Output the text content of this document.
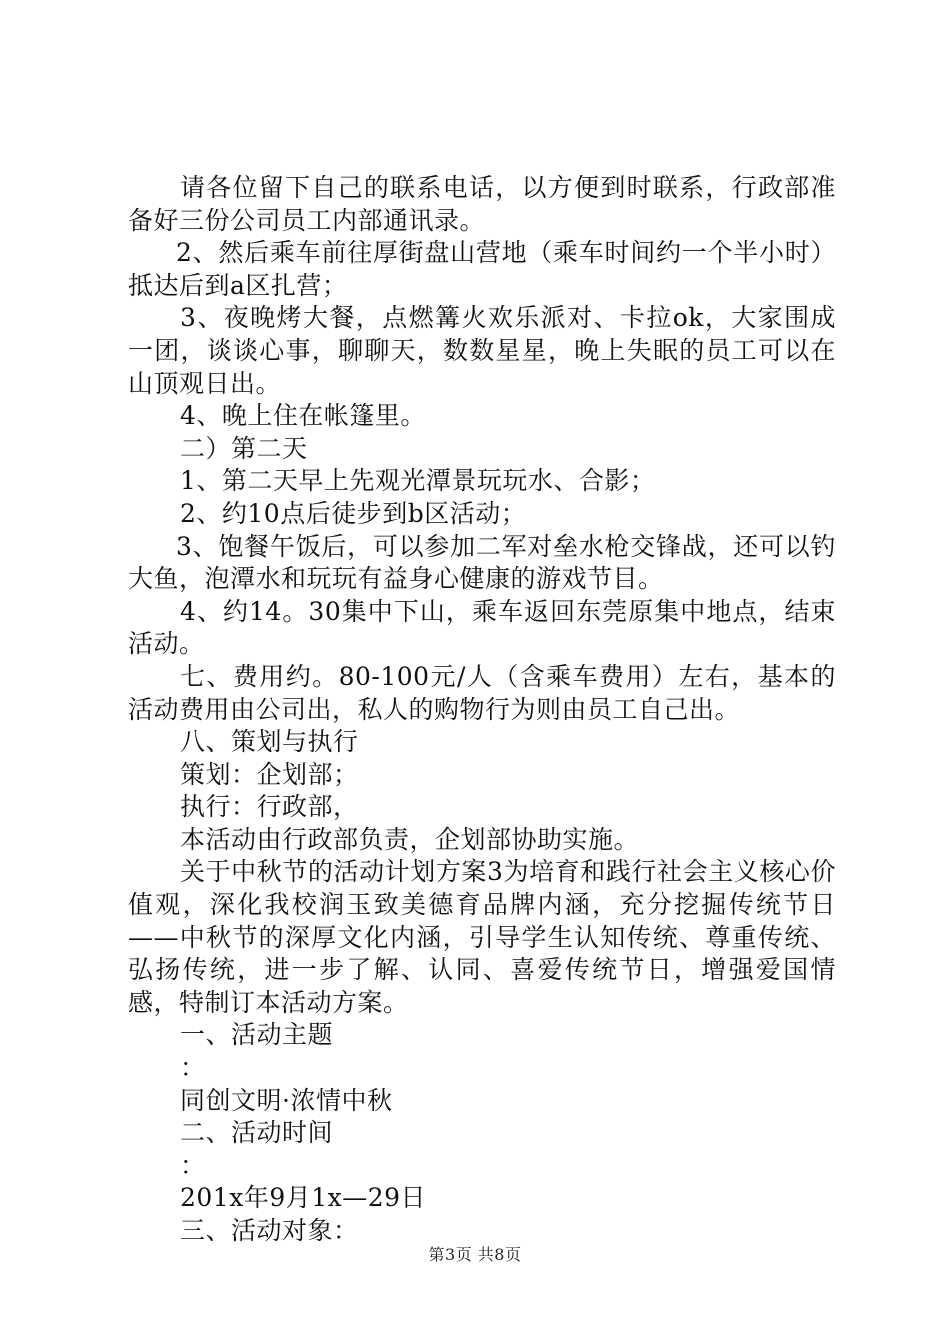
请各位留下自己的联系电话，以方便到时联系，行政部准备好三份公司员工内部通讯录。

2、然后乘车前往厚街盘山营地（乘车时间约一个半小时）抵达后到a区扎营；

3、夜晚烤大餐，点燃篝火欢乐派对、卡拉ok，大家围成一团，谈谈心事，聊聊天，数数星星，晚上失眠的员工可以在山顶观日出。

4、晚上住在帐篷里。

二）第二天

1、第二天早上先观光潭景玩玩水、合影；

2、约10点后徒步到b区活动；

3、饱餐午饭后，可以参加二军对垒水枪交锋战，还可以钓大鱼，泡潭水和玩玩有益身心健康的游戏节目。

4、约14。30集中下山，乘车返回东莞原集中地点，结束活动。

七、费用约。80-100元/人（含乘车费用）左右，基本的活动费用由公司出，私人的购物行为则由员工自己出。

八、策划与执行

策划：企划部；

执行：行政部，

本活动由行政部负责，企划部协助实施。

关于中秋节的活动计划方案3为培育和践行社会主义核心价值观，深化我校润玉致美德育品牌内涵，充分挖掘传统节日——中秋节的深厚文化内涵，引导学生认知传统、尊重传统、弘扬传统，进一步了解、认同、喜爱传统节日，增强爱国情感，特制订本活动方案。

一、活动主题

：

同创文明·浓情中秋

二、活动时间

：

201x年9月1x—29日

三、活动对象：

第3页 共8页
